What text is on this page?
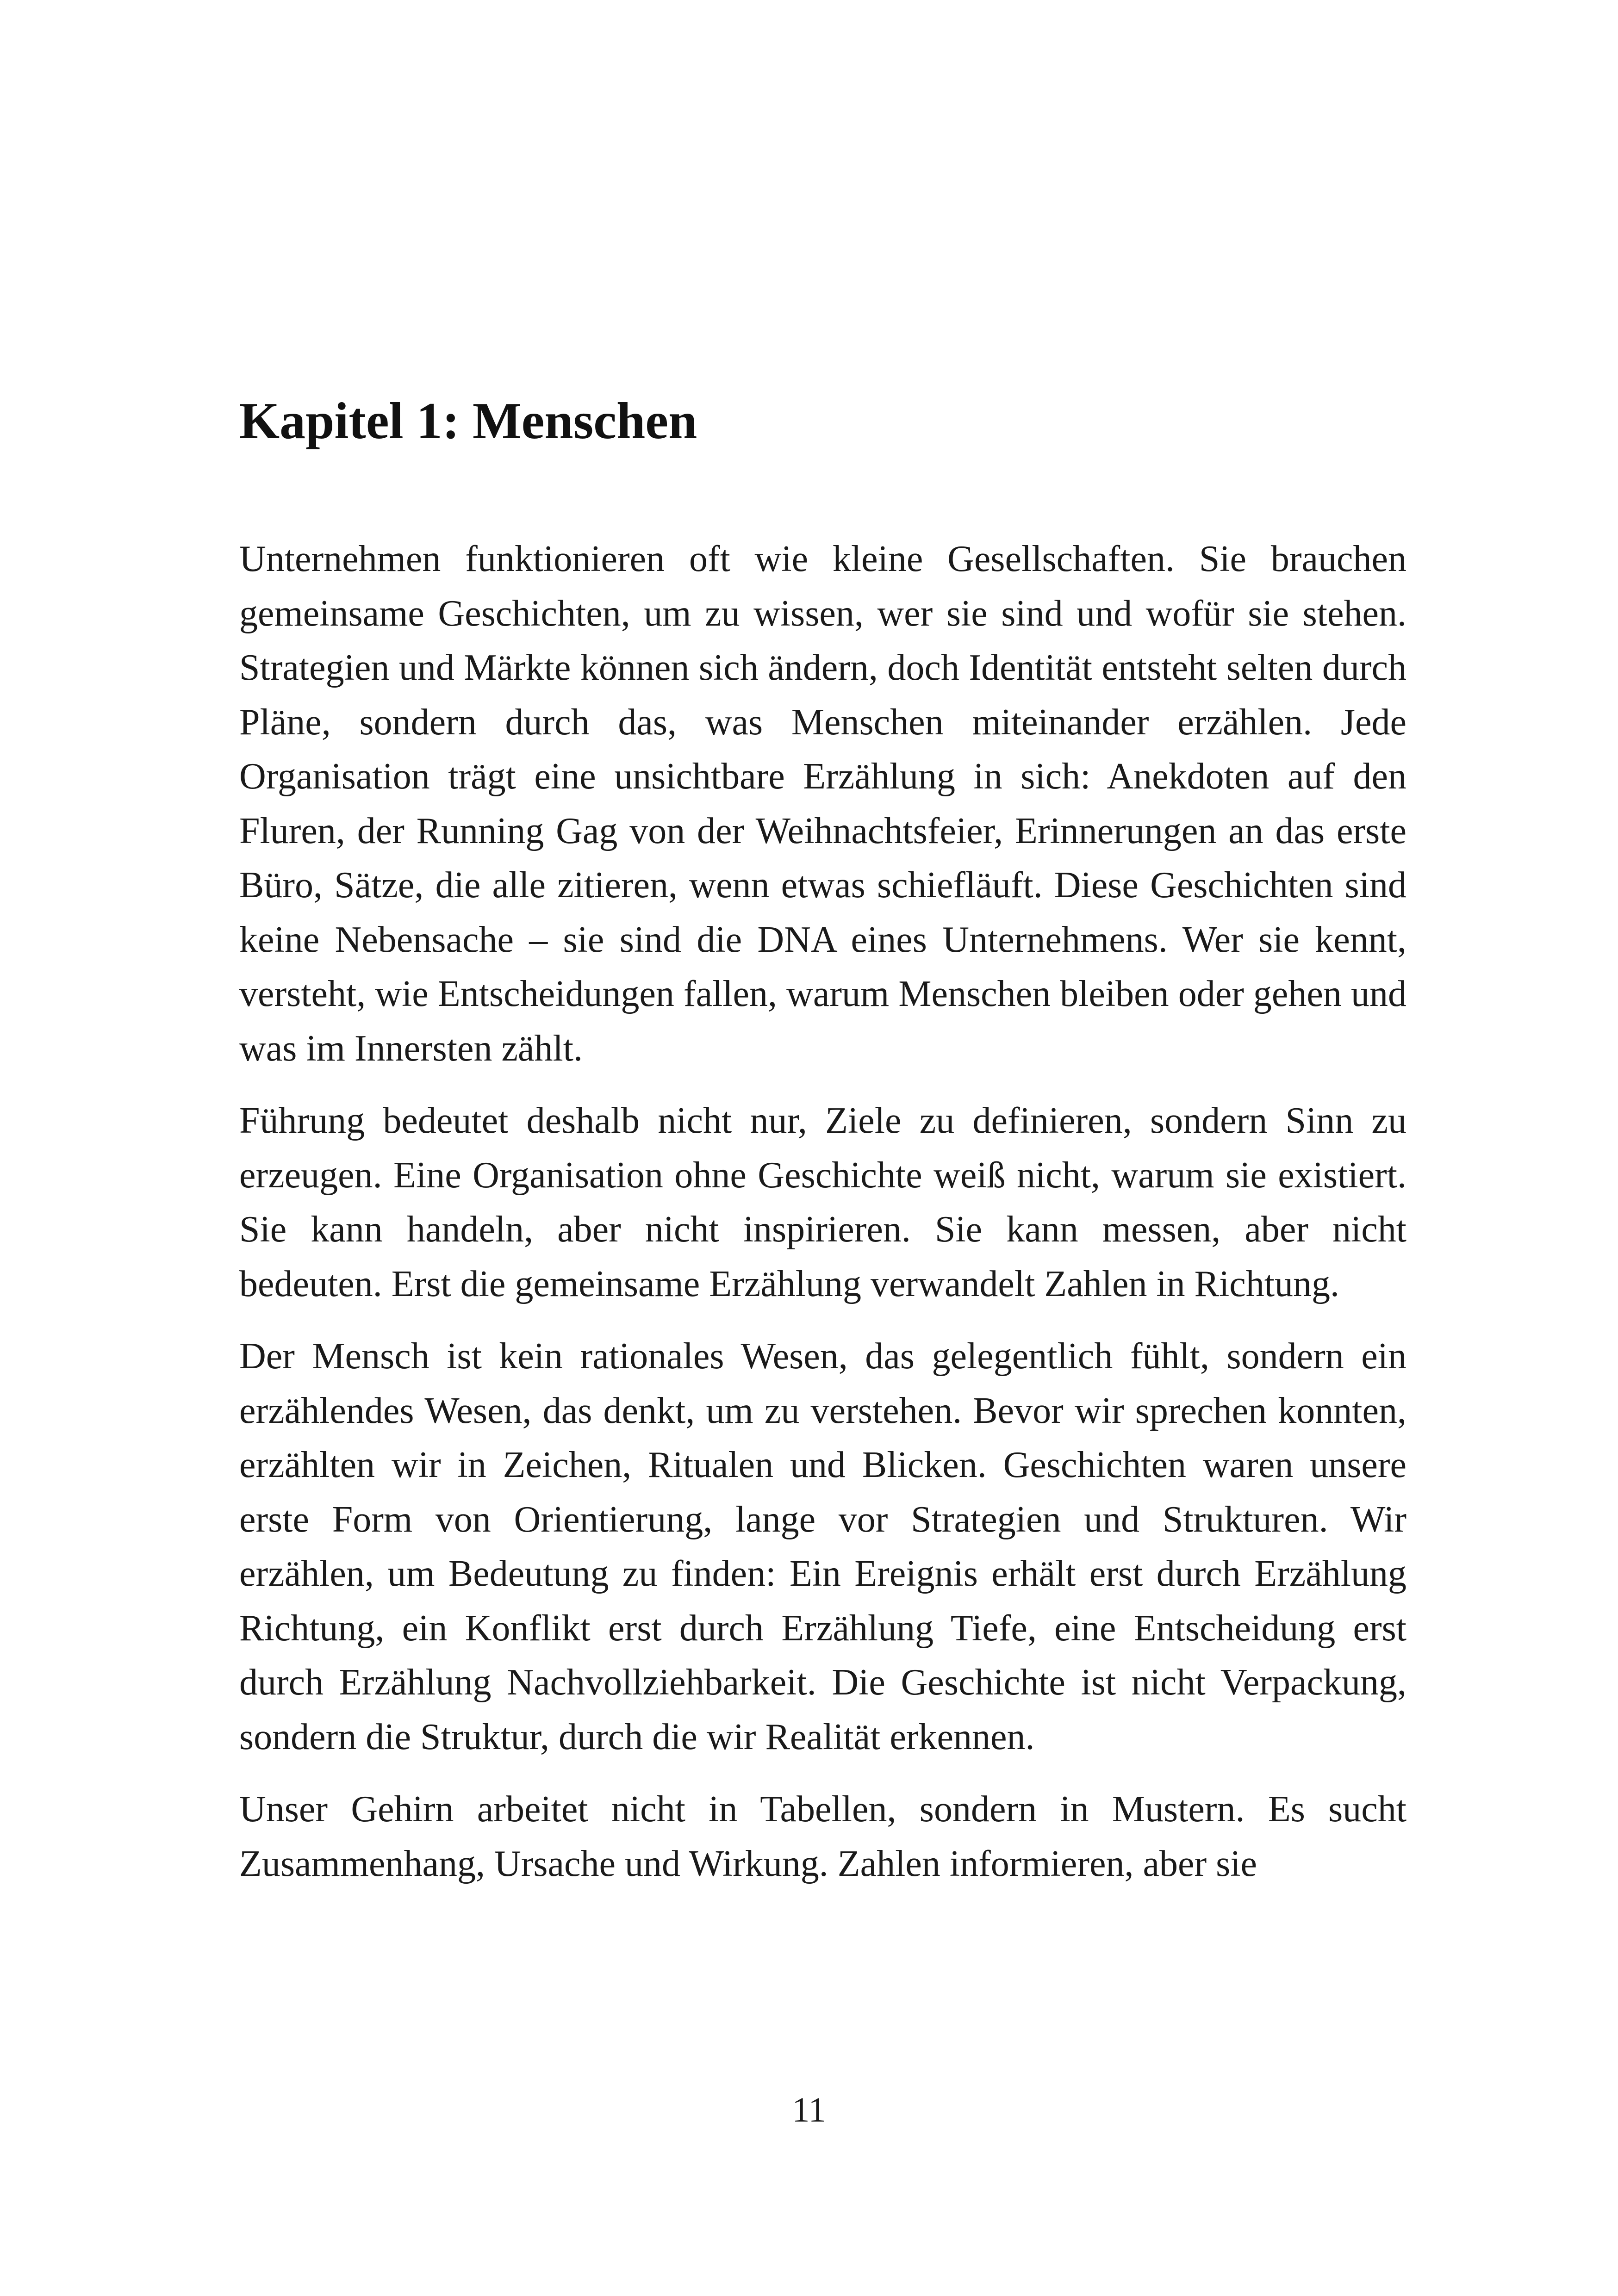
Kapitel 1: Menschen

Unternehmen funktionieren oft wie kleine Gesellschaften. Sie brauchen gemeinsame Geschichten, um zu wissen, wer sie sind und wofür sie stehen. Strategien und Märkte können sich ändern, doch Identität entsteht selten durch Pläne, sondern durch das, was Menschen miteinander erzählen. Jede Organisation trägt eine unsichtbare Erzählung in sich: Anekdoten auf den Fluren, der Running Gag von der Weihnachtsfeier, Erinnerungen an das erste Büro, Sätze, die alle zitieren, wenn etwas schiefläuft. Diese Geschichten sind keine Nebensache – sie sind die DNA eines Unternehmens. Wer sie kennt, versteht, wie Entscheidungen fallen, warum Menschen bleiben oder gehen und was im Innersten zählt.

Führung bedeutet deshalb nicht nur, Ziele zu definieren, sondern Sinn zu erzeugen. Eine Organisation ohne Geschichte weiß nicht, warum sie existiert. Sie kann handeln, aber nicht inspirieren. Sie kann messen, aber nicht bedeuten. Erst die gemeinsame Erzählung verwandelt Zahlen in Richtung.

Der Mensch ist kein rationales Wesen, das gelegentlich fühlt, sondern ein erzählendes Wesen, das denkt, um zu verstehen. Bevor wir sprechen konnten, erzählten wir in Zeichen, Ritualen und Blicken. Geschichten waren unsere erste Form von Orientierung, lange vor Strategien und Strukturen. Wir erzählen, um Bedeutung zu finden: Ein Ereignis erhält erst durch Erzählung Richtung, ein Konflikt erst durch Erzählung Tiefe, eine Entscheidung erst durch Erzählung Nachvollziehbarkeit. Die Geschichte ist nicht Verpackung, sondern die Struktur, durch die wir Realität erkennen.

Unser Gehirn arbeitet nicht in Tabellen, sondern in Mustern. Es sucht Zusammenhang, Ursache und Wirkung. Zahlen informieren, aber sie

11
